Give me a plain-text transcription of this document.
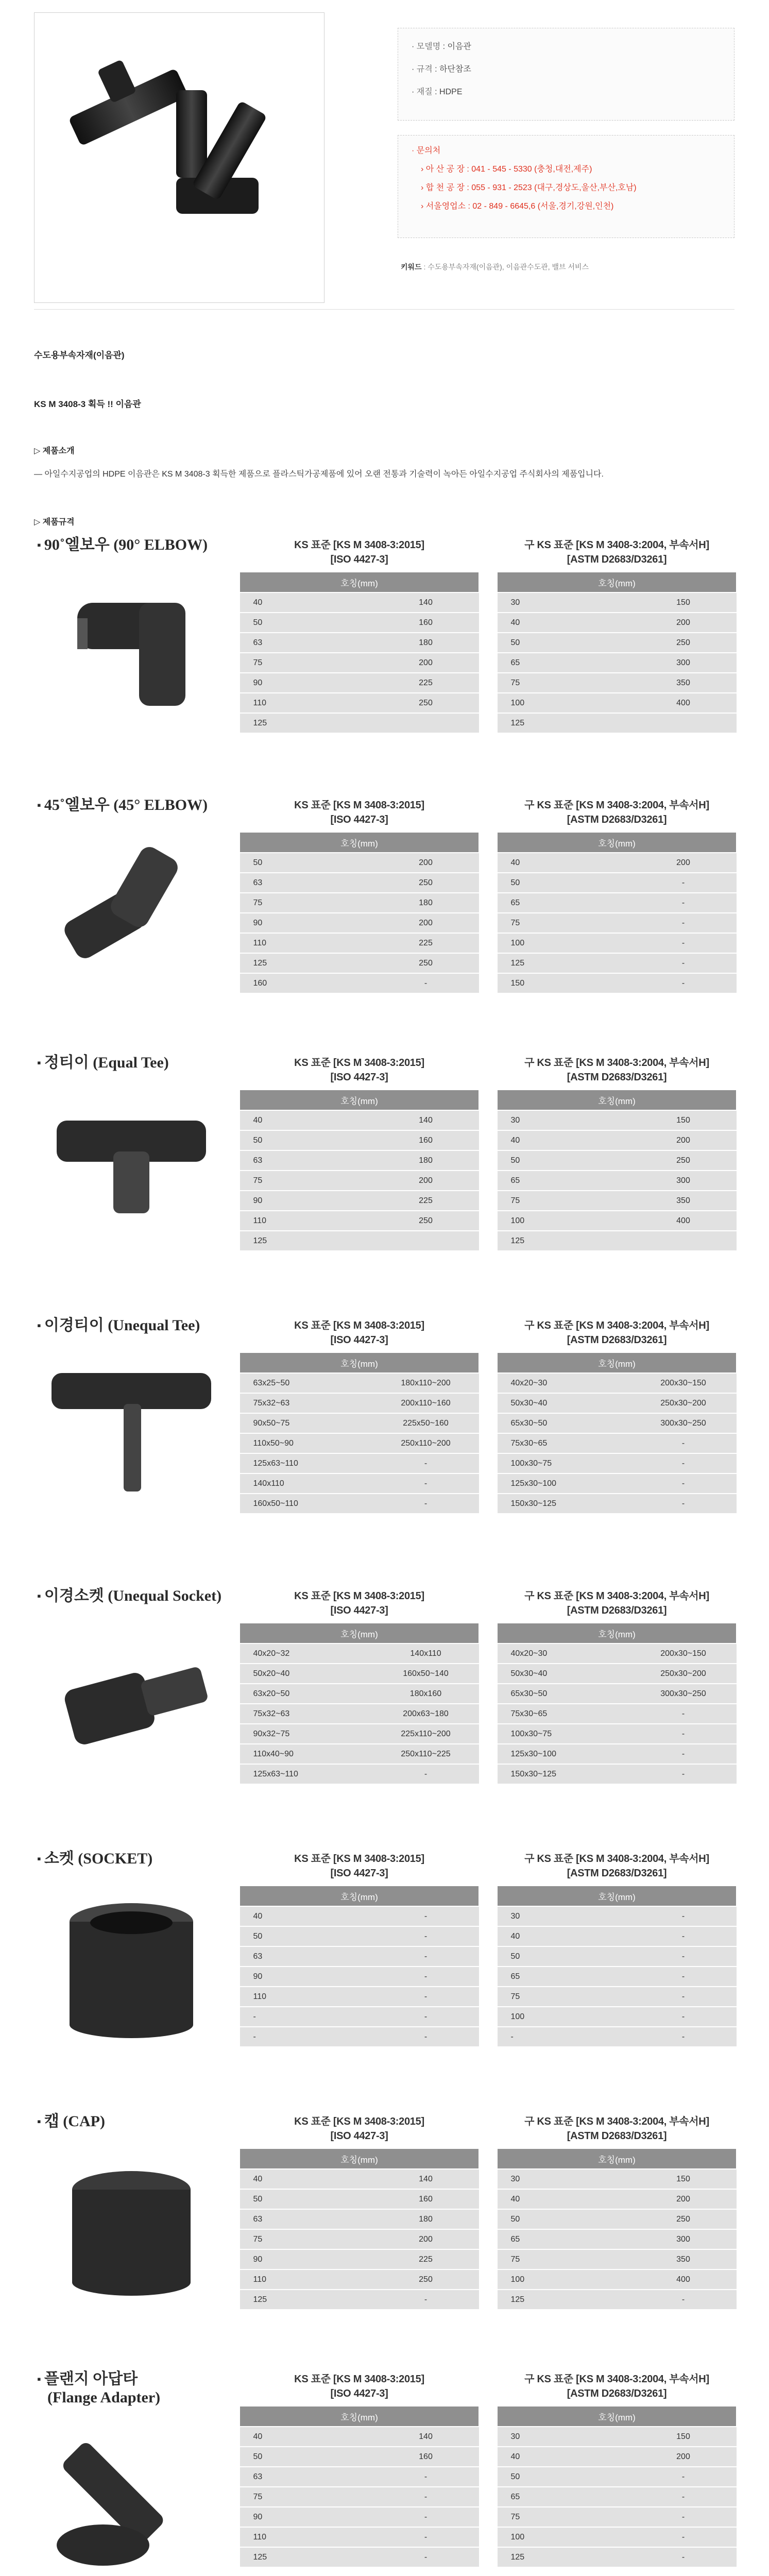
· 모델명 : 이음관
· 규격 : 하단참조
· 재질 : HDPE
· 문의처
› 아 산 공 장 : 041 - 545 - 5330 (충청,대전,제주)
› 합 천 공 장 : 055 - 931 - 2523 (대구,경상도,울산,부산,호남)
› 서울영업소 : 02 - 849 - 6645,6 (서울,경기,강원,인천)
키워드 : 수도용부속자재(이음관), 이음관수도관, 밸브 서비스
수도용부속자재(이음관)
KS M 3408-3 획득 !! 이음관
▷ 제품소개
— 아일수지공업의 HDPE 이음관은 KS M 3408-3 획득한 제품으로 플라스틱가공제품에 있어 오랜 전통과 기술력이 녹아든 아일수지공업 주식회사의 제품입니다.
▷ 제품규격
▪ 90˚엘보우 (90° ELBOW)	KS 표준 [KS M 3408-3:2015]
[ISO 4427-3]
구 KS 표준 [KS M 3408-3:2004, 부속서H]
[ASTM D2683/D3261]
호칭(mm)	
40	140
50	160
63	180
75	200
90	225
110	250
125	
호칭(mm)	
30	150
40	200
50	250
65	300
75	350
100	400
125	
▪ 45˚엘보우 (45° ELBOW)	KS 표준 [KS M 3408-3:2015]
[ISO 4427-3]
구 KS 표준 [KS M 3408-3:2004, 부속서H]
[ASTM D2683/D3261]
호칭(mm)	
50	200
63	250
75	180
90	200
110	225
125	250
160	-
호칭(mm)	
40	200
50	-
65	-
75	-
100	-
125	-
150	-
▪ 정티이 (Equal Tee)	KS 표준 [KS M 3408-3:2015]
[ISO 4427-3]
구 KS 표준 [KS M 3408-3:2004, 부속서H]
[ASTM D2683/D3261]
호칭(mm)	
40	140
50	160
63	180
75	200
90	225
110	250
125	
호칭(mm)	
30	150
40	200
50	250
65	300
75	350
100	400
125	
▪ 이경티이 (Unequal Tee)	KS 표준 [KS M 3408-3:2015]
[ISO 4427-3]
구 KS 표준 [KS M 3408-3:2004, 부속서H]
[ASTM D2683/D3261]
호칭(mm)	
63x25~50	180x110~200
75x32~63	200x110~160
90x50~75	225x50~160
110x50~90	250x110~200
125x63~110	-
140x110	-
160x50~110	-
호칭(mm)	
40x20~30	200x30~150
50x30~40	250x30~200
65x30~50	300x30~250
75x30~65	-
100x30~75	-
125x30~100	-
150x30~125	-
▪ 이경소켓 (Unequal Socket)	KS 표준 [KS M 3408-3:2015]
[ISO 4427-3]
구 KS 표준 [KS M 3408-3:2004, 부속서H]
[ASTM D2683/D3261]
호칭(mm)	
40x20~32	140x110
50x20~40	160x50~140
63x20~50	180x160
75x32~63	200x63~180
90x32~75	225x110~200
110x40~90	250x110~225
125x63~110	-
호칭(mm)	
40x20~30	200x30~150
50x30~40	250x30~200
65x30~50	300x30~250
75x30~65	-
100x30~75	-
125x30~100	-
150x30~125	-
▪ 소켓 (SOCKET)	KS 표준 [KS M 3408-3:2015]
[ISO 4427-3]
구 KS 표준 [KS M 3408-3:2004, 부속서H]
[ASTM D2683/D3261]
호칭(mm)	
40	-
50	-
63	-
90	-
110	-
-	-
-	-
호칭(mm)	
30	-
40	-
50	-
65	-
75	-
100	-
-	-
▪ 캡 (CAP)	KS 표준 [KS M 3408-3:2015]
[ISO 4427-3]
구 KS 표준 [KS M 3408-3:2004, 부속서H]
[ASTM D2683/D3261]
호칭(mm)	
40	140
50	160
63	180
75	200
90	225
110	250
125	-
호칭(mm)	
30	150
40	200
50	250
65	300
75	350
100	400
125	-
▪ 플랜지 아답타
(Flange Adapter)
KS 표준 [KS M 3408-3:2015]
[ISO 4427-3]
구 KS 표준 [KS M 3408-3:2004, 부속서H]
[ASTM D2683/D3261]
호칭(mm)	
40	140
50	160
63	-
75	-
90	-
110	-
125	-
호칭(mm)	
30	150
40	200
50	-
65	-
75	-
100	-
125	-
